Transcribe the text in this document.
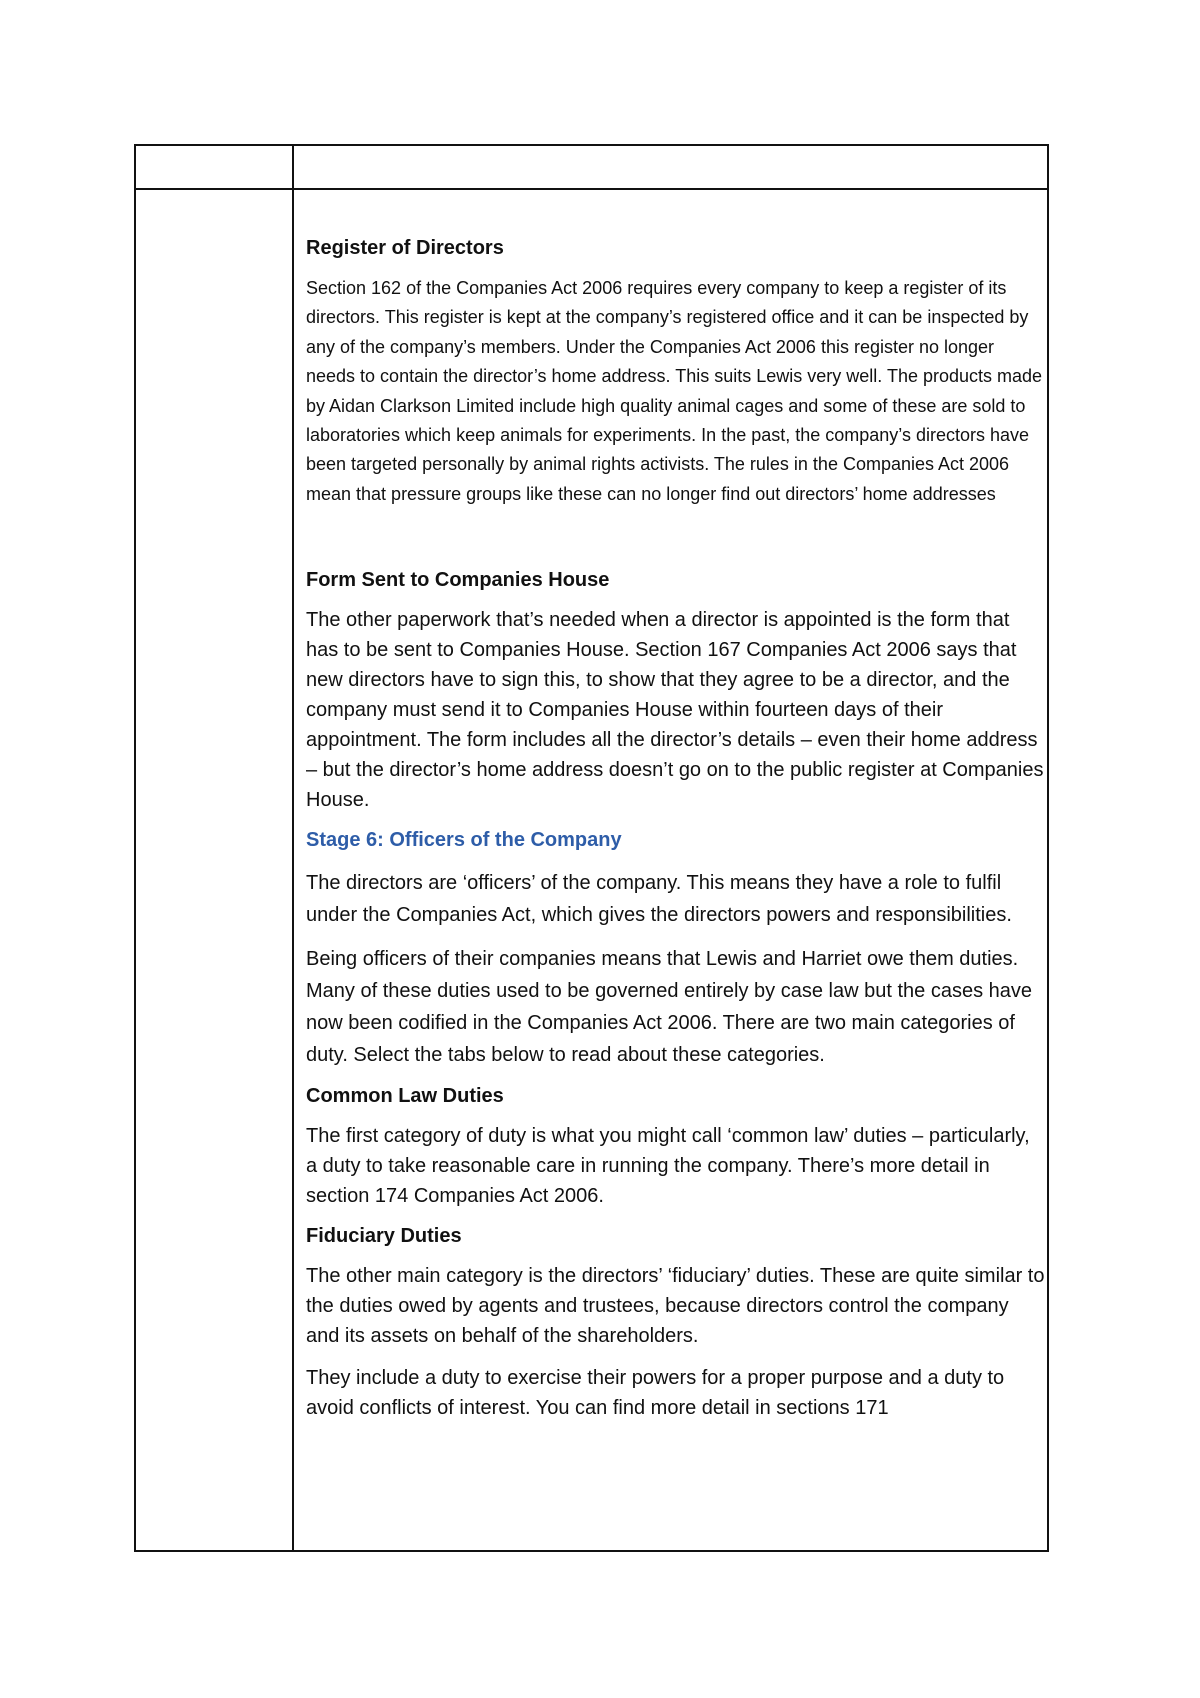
Register of Directors

Section 162 of the Companies Act 2006 requires every company to keep a register of its directors. This register is kept at the company’s registered office and it can be inspected by any of the company’s members. Under the Companies Act 2006 this register no longer needs to contain the director’s home address. This suits Lewis very well. The products made by Aidan Clarkson Limited include high quality animal cages and some of these are sold to laboratories which keep animals for experiments. In the past, the company’s directors have been targeted personally by animal rights activists. The rules in the Companies Act 2006 mean that pressure groups like these can no longer find out directors’ home addresses

Form Sent to Companies House

The other paperwork that’s needed when a director is appointed is the form that has to be sent to Companies House. Section 167 Companies Act 2006 says that new directors have to sign this, to show that they agree to be a director, and the company must send it to Companies House within fourteen days of their appointment. The form includes all the director’s details – even their home address – but the director’s home address doesn’t go on to the public register at Companies House.

Stage 6: Officers of the Company

The directors are ‘officers’ of the company. This means they have a role to fulfil under the Companies Act, which gives the directors powers and responsibilities.

Being officers of their companies means that Lewis and Harriet owe them duties. Many of these duties used to be governed entirely by case law but the cases have now been codified in the Companies Act 2006. There are two main categories of duty. Select the tabs below to read about these categories.

Common Law Duties

The first category of duty is what you might call ‘common law’ duties – particularly, a duty to take reasonable care in running the company. There’s more detail in section 174 Companies Act 2006.

Fiduciary Duties

The other main category is the directors’ ‘fiduciary’ duties. These are quite similar to the duties owed by agents and trustees, because directors control the company and its assets on behalf of the shareholders.

They include a duty to exercise their powers for a proper purpose and a duty to avoid conflicts of interest. You can find more detail in sections 171
